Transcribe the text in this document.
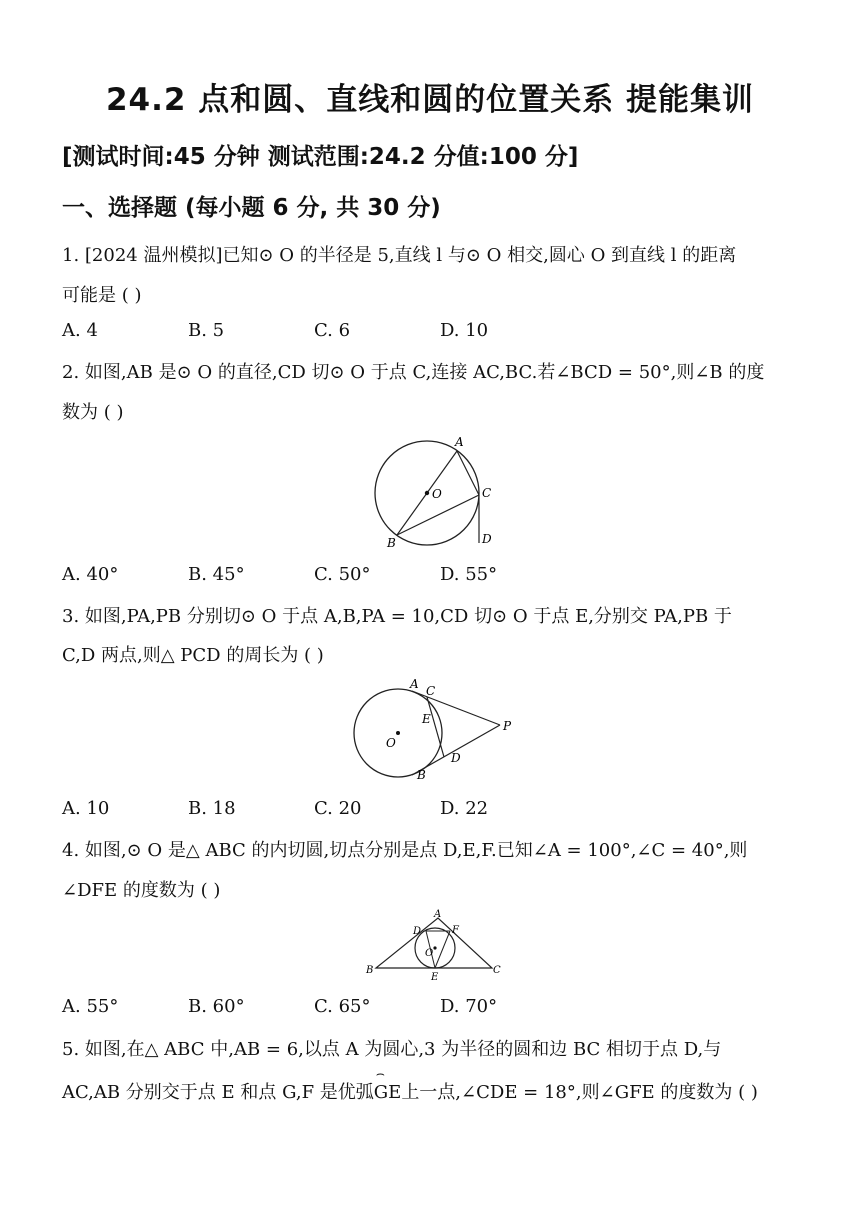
24.2 点和圆、直线和圆的位置关系 提能集训
[测试时间:45 分钟 测试范围:24.2 分值:100 分]
一、选择题 (每小题 6 分, 共 30 分)
1. [2024 温州模拟]已知⊙ O 的半径是 5,直线 l 与⊙ O 相交,圆心 O 到直线 l 的距离
可能是 ( )
A. 4	B. 5	C. 6	D. 10
2. 如图,AB 是⊙ O 的直径,CD 切⊙ O 于点 C,连接 AC,BC.若∠BCD = 50°,则∠B 的度
数为 ( )
A
O	C
B	D
A. 40°	B. 45°	C. 50°	D. 55°
3. 如图,PA,PB 分别切⊙ O 于点 A,B,PA = 10,CD 切⊙ O 于点 E,分别交 PA,PB 于
C,D 两点,则△ PCD 的周长为 ( )
A C
E	P
O
D
B
A. 10	B. 18	C. 20	D. 22
4. 如图,⊙ O 是△ ABC 的内切圆,切点分别是点 D,E,F.已知∠A = 100°,∠C = 40°,则
∠DFE 的度数为 ( )
A
D	F
O
B
E
C
A. 55°	B. 60°	C. 65°	D. 70°
5. 如图,在△ ABC 中,AB = 6,以点 A 为圆心,3 为半径的圆和边 BC 相切于点 D,与
AC,AB 分别交于点 E 和点 G,F 是优弧⌢ GE上一点,∠CDE = 18°,则∠GFE 的度数为 ( )
